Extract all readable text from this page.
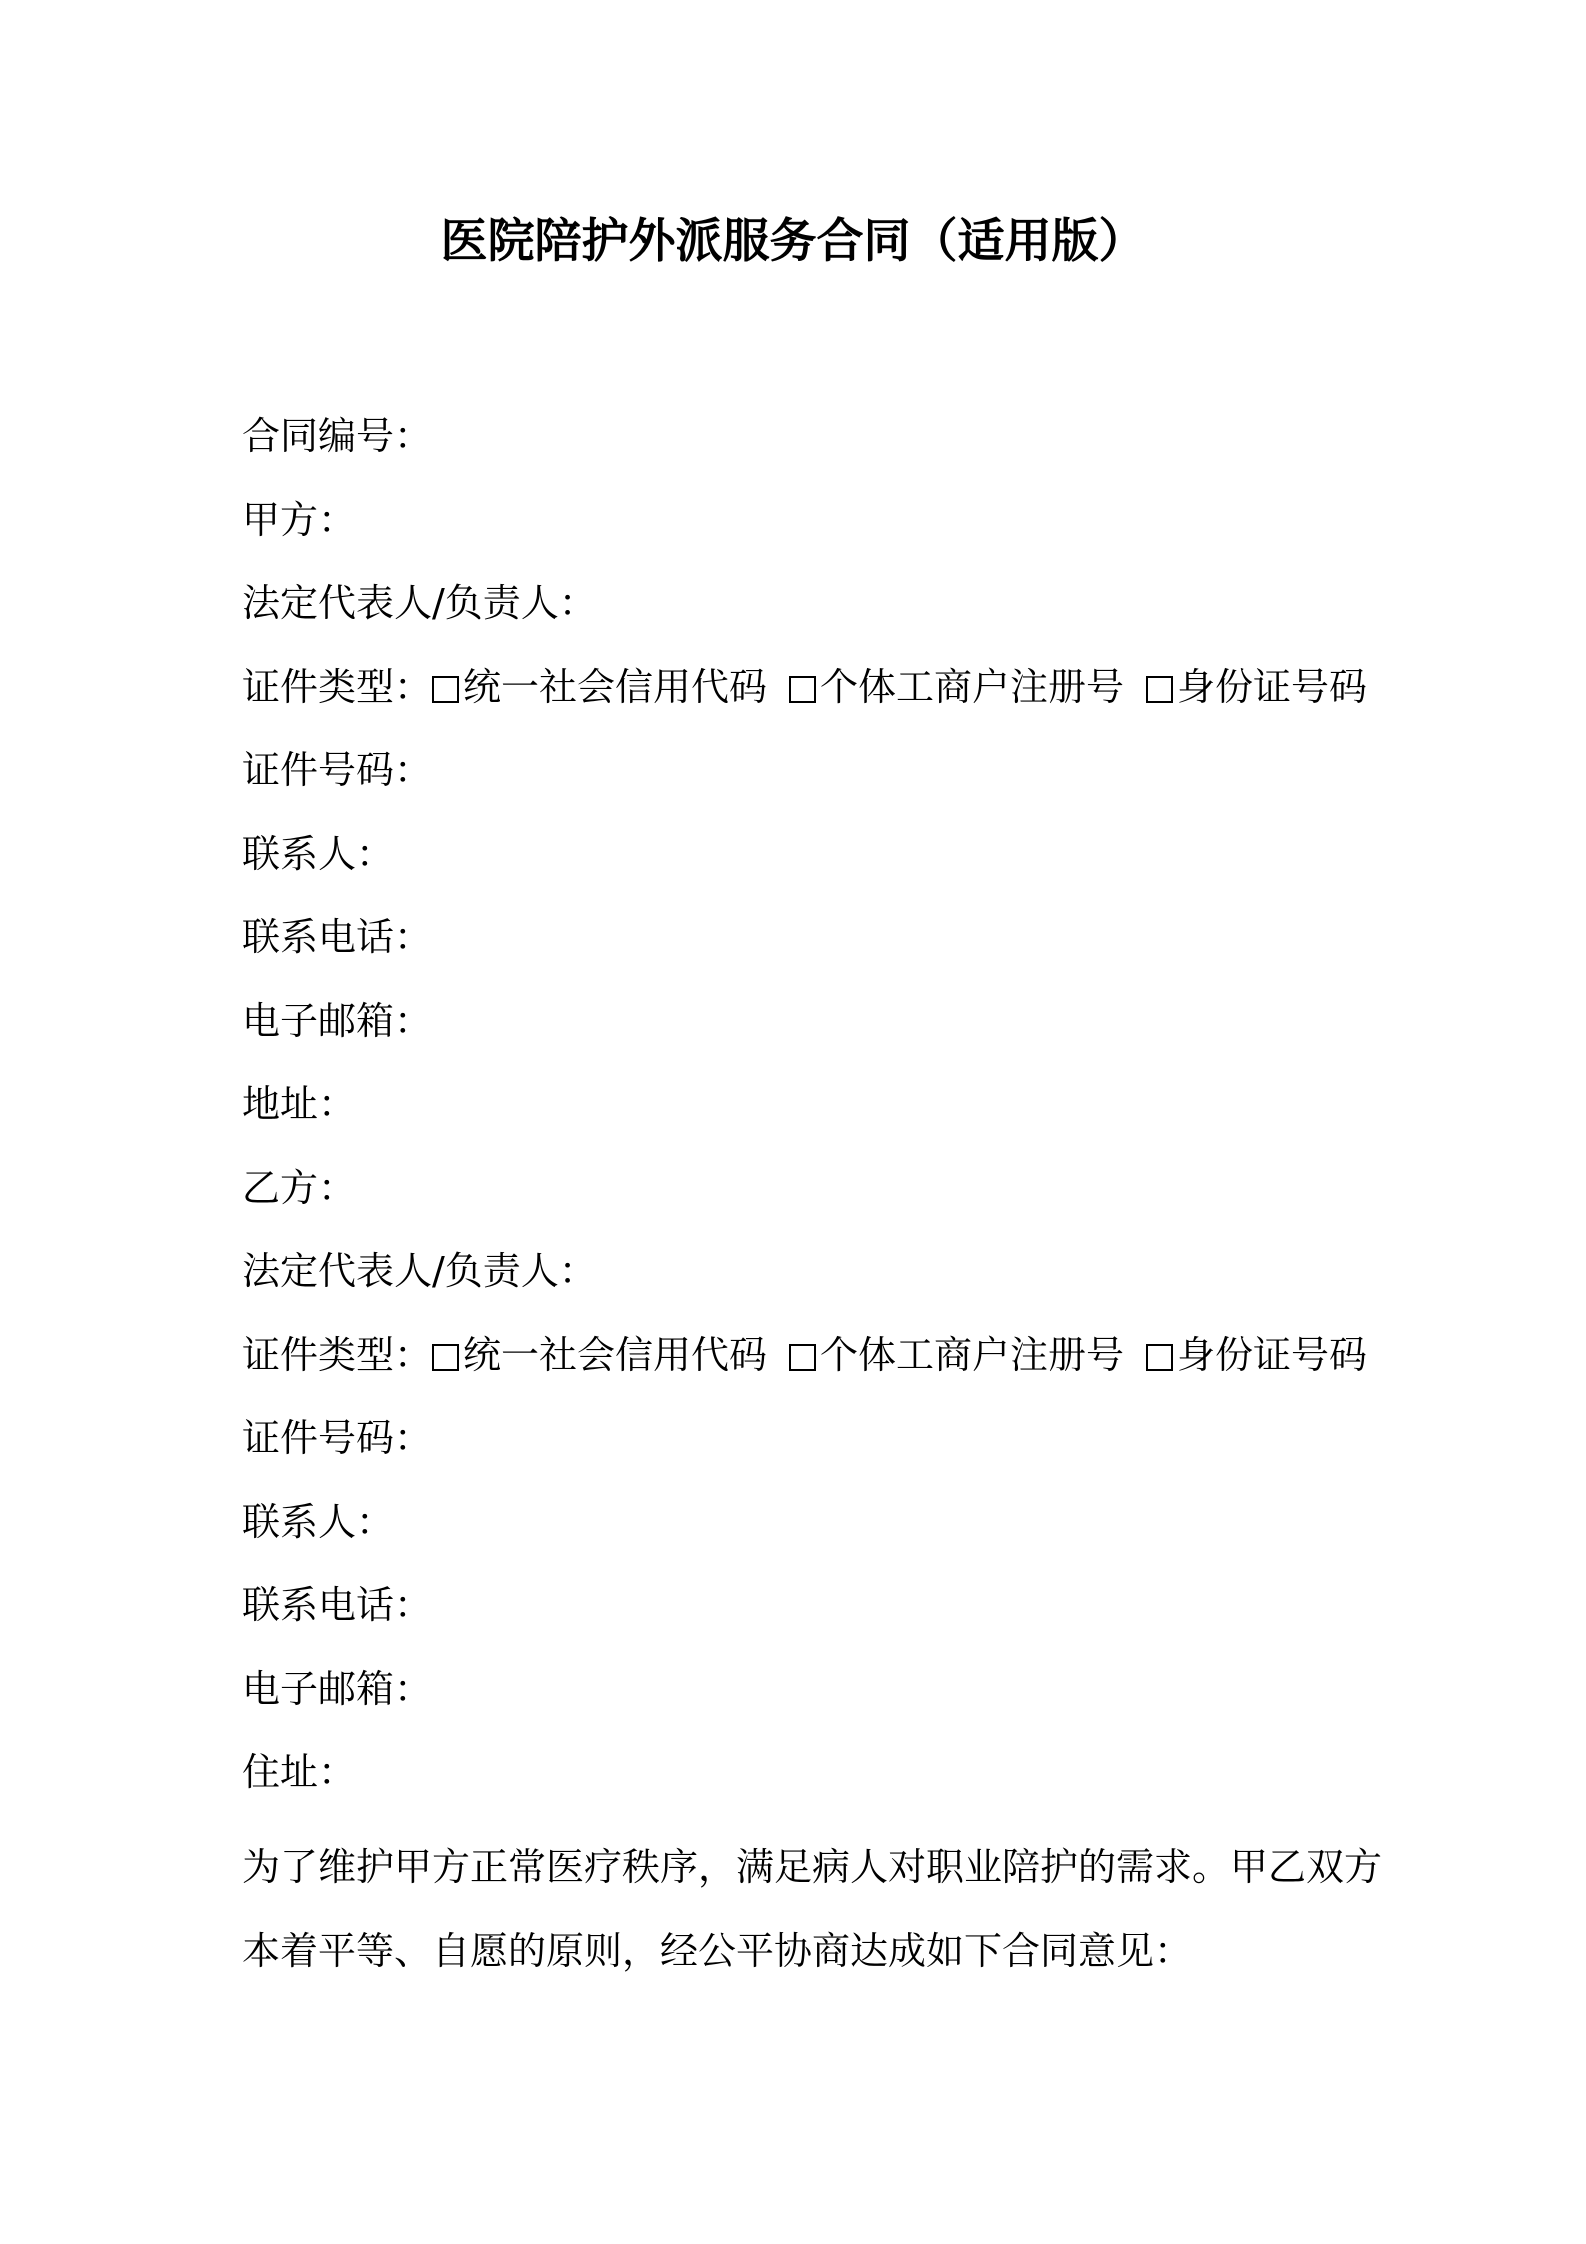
医院陪护外派服务合同（适用版）
合同编号：
甲方：
法定代表人/负责人：
证件类型： 统一社会信用代码 个体工商户注册号 身份证号码
证件号码：
联系人：
联系电话：
电子邮箱：
地址：
乙方：
法定代表人/负责人：
证件类型： 统一社会信用代码 个体工商户注册号 身份证号码
证件号码：
联系人：
联系电话：
电子邮箱：
住址：
为了维护甲方正常医疗秩序，满足病人对职业陪护的需求。甲乙双方
本着平等、自愿的原则，经公平协商达成如下合同意见：
